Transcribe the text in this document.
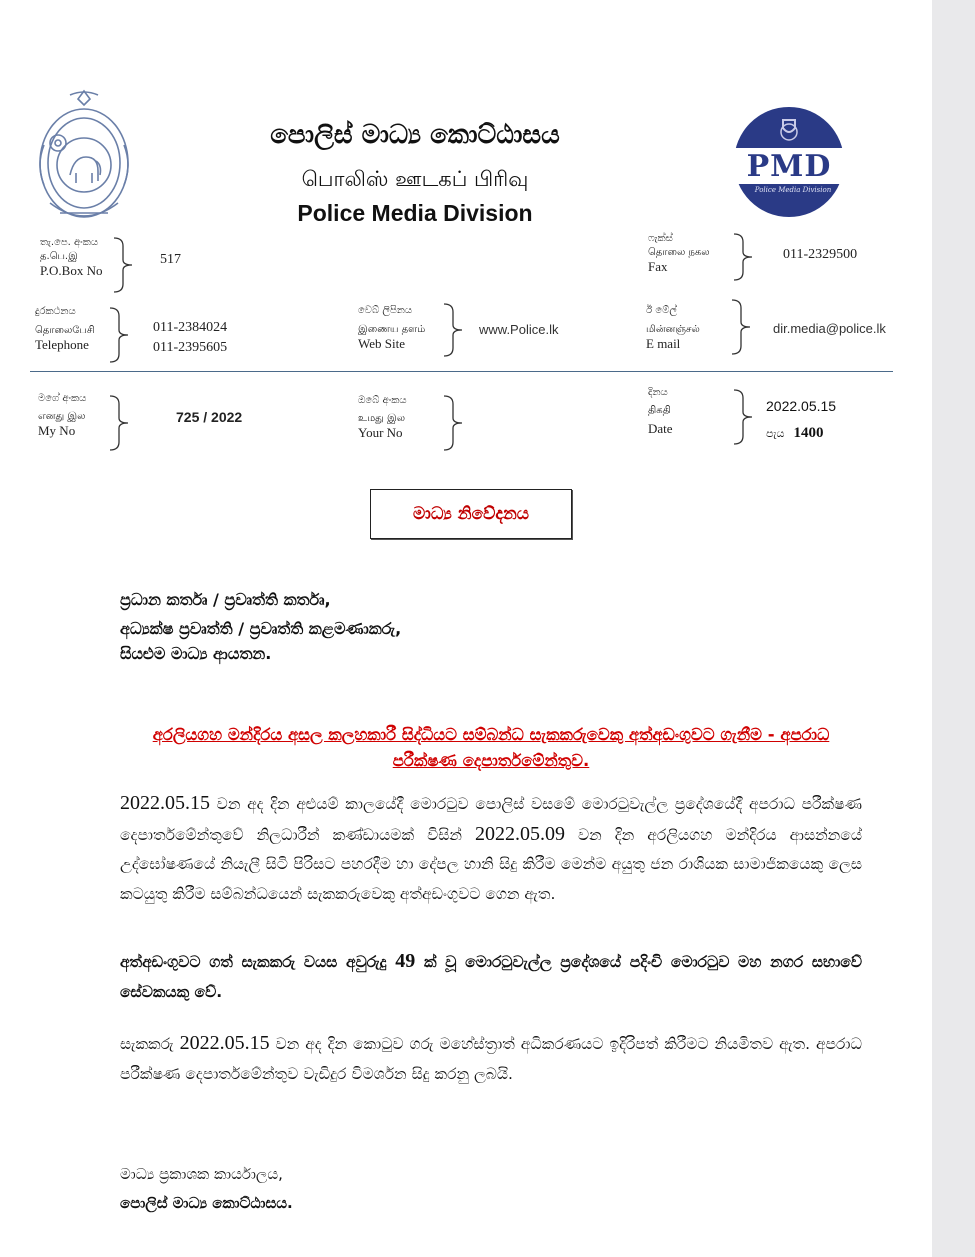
පොලිස් මාධ්‍ය කොට්ඨාසය
பொலிஸ் ஊடகப் பிரிவு
Police Media Division
PMD
Police Media Division
තැ.පෙ. අංකය
த.பெ.இ
P.O.Box No
517
ෆැක්ස්
தொலை நகல
Fax
011-2329500
දුරකථනය
தொலைபேசி
Telephone
011-2384024
011-2395605
වෙබ් ලිපිනය
இணைய தளம்
Web Site
www.Police.lk
ඊ මේල්
மின்னஞ்சல்
E mail
dir.media@police.lk
මගේ අංකය
எனது இல
My No
725 / 2022
ඔබේ අංකය
உமது இல
Your No
දිනය
திகதி
Date
2022.05.15
පැය 1400
මාධ්‍ය නිවේදනය
ප්‍රධාන කර්තෘ / ප්‍රවෘත්ති කර්තෘ,
අධ්‍යක්ෂ ප්‍රවෘත්ති / ප්‍රවෘත්ති කළමණාකරු,
සියළුම මාධ්‍ය ආයතන.
අරලියගහ මන්දිරය අසල කලහකාරී සිද්ධියට සම්බන්ධ සැකකරුවෙකු අත්අඩංගුවට ගැනීම - අපරාධ පරීක්ෂණ දෙපාර්තමේන්තුව.
2022.05.15 වන අද දින අළුයම් කාලයේදී මොරටුව පොලිස් වසමේ මොරටුවැල්ල ප්‍රදේශයේදී අපරාධ පරීක්ෂණ දෙපාර්තමේන්තුවේ නිලධාරීන් කණ්ඩායමක් විසින් 2022.05.09 වන දින අරලියගහ මන්දිරය ආසන්නයේ උද්ඝෝෂණයේ නියැලී සිටි පිරිසට පහරදීම හා දේපල හානි සිදු කිරීම මෙන්ම අයුතු ජන රාශියක සාමාජිකයෙකු ලෙස කටයුතු කිරීම සම්බන්ධයෙන් සැකකරුවෙකු අත්අඩංගුවට ගෙන ඇත.
අත්අඩංගුවට ගත් සැකකරු වයස අවුරුදු 49 ක් වූ මොරටුවැල්ල ප්‍රදේශයේ පදිංචි මොරටුව මහ නගර සභාවේ සේවකයකු වේ.
සැකකරු 2022.05.15 වන අද දින කොටුව ගරු මහේස්ත්‍රාත් අධිකරණයට ඉදිරිපත් කිරීමට නියමිතව ඇත. අපරාධ පරීක්ෂණ දෙපාර්තමේන්තුව වැඩිදුර විමර්ශන සිදු කරනු ලබයි.
මාධ්‍ය ප්‍රකාශක කාර්යාලය,
පොලිස් මාධ්‍ය කොට්ඨාසය.
